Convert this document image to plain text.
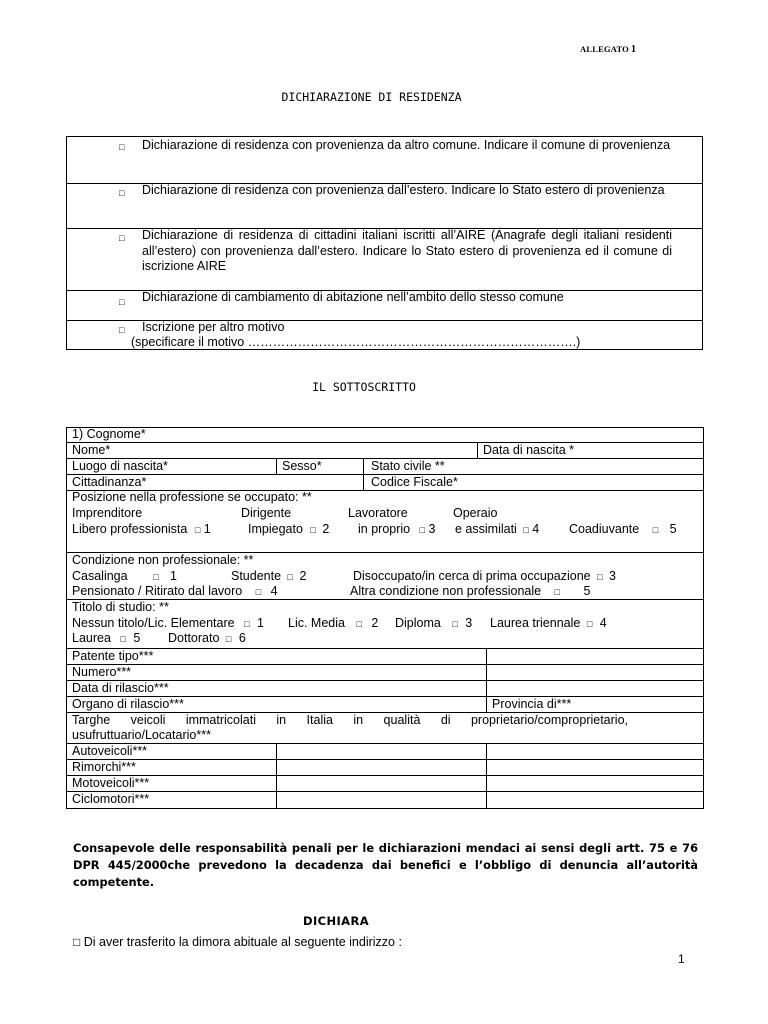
ALLEGATO 1
DICHIARAZIONE DI RESIDENZA
□ Dichiarazione di residenza con provenienza da altro comune. Indicare il comune di provenienza
□ Dichiarazione di residenza con provenienza dall’estero. Indicare lo Stato estero di provenienza
□ Dichiarazione di residenza di cittadini italiani iscritti all’AIRE (Anagrafe degli italiani residenti all’estero) con provenienza dall’estero. Indicare lo Stato estero di provenienza ed il comune di iscrizione AIRE
□ Dichiarazione di cambiamento di abitazione nell’ambito dello stesso comune
□ Iscrizione per altro motivo
(specificare il motivo …………………………………………………………………….)
IL SOTTOSCRITTO
1) Cognome*
Nome*	Data di nascita *
Luogo di nascita*	Sesso*	Stato civile **
Cittadinanza*	Codice Fiscale*
Posizione nella professione se occupato: **
Imprenditore	Dirigente	Lavoratore	Operaio
Libero professionista □ 1	Impiegato □ 2 in proprio □ 3 e assimilati □ 4 Coadiuvante □ 5
Condizione non professionale: **
Casalinga	□ 1	Studente □ 2	Disoccupato/in cerca di prima occupazione □ 3
Pensionato / Ritirato dal lavoro □ 4	Altra condizione non professionale □ 5
Titolo di studio: **
Nessun titolo/Lic. Elementare □ 1 Lic. Media □ 2 Diploma □ 3 Laurea triennale □ 4
Laurea □ 5 Dottorato □ 6
Patente tipo***
Numero***
Data di rilascio***
Organo di rilascio***	Provincia di***
Targhe veicoli immatricolati in Italia in qualità di proprietario/comproprietario,
usufruttuario/Locatario***
Autoveicoli***
Rimorchi***
Motoveicoli***
Ciclomotori***
Consapevole delle responsabilità penali per le dichiarazioni mendaci ai sensi degli artt. 75 e 76 DPR 445/2000che prevedono la decadenza dai benefici e l’obbligo di denuncia all’autorità competente.
DICHIARA
□ Di aver trasferito la dimora abituale al seguente indirizzo :
1
